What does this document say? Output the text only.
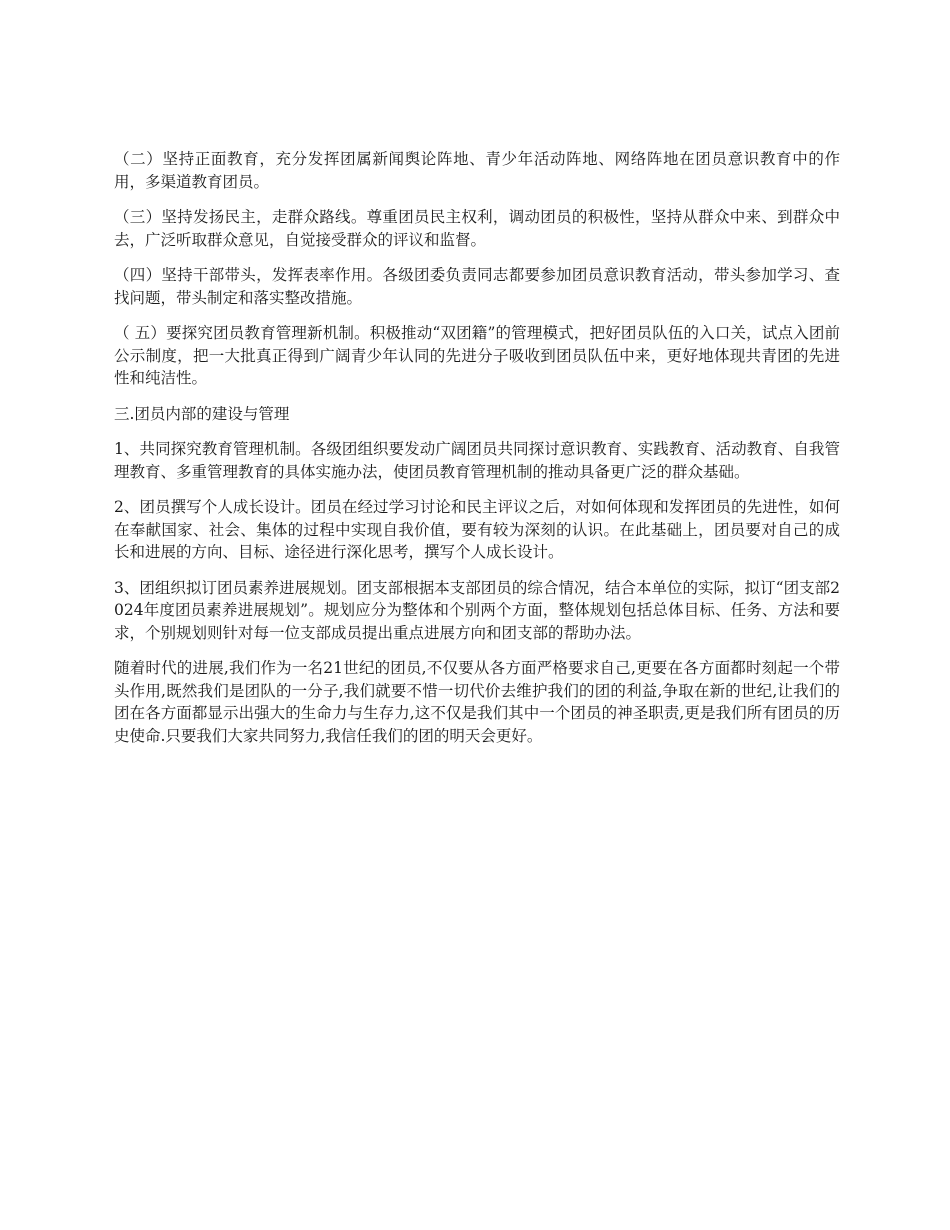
（二）坚持正面教育，充分发挥团属新闻舆论阵地、青少年活动阵地、网络阵地在团员意识教育中的作用，多渠道教育团员。

（三）坚持发扬民主，走群众路线。尊重团员民主权利，调动团员的积极性，坚持从群众中来、到群众中去，广泛听取群众意见，自觉接受群众的评议和监督。

（四）坚持干部带头，发挥表率作用。各级团委负责同志都要参加团员意识教育活动，带头参加学习、查找问题，带头制定和落实整改措施。

（ 五）要探究团员教育管理新机制。积极推动“双团籍”的管理模式，把好团员队伍的入口关，试点入团前公示制度，把一大批真正得到广阔青少年认同的先进分子吸收到团员队伍中来，更好地体现共青团的先进性和纯洁性。

三.团员内部的建设与管理

1、共同探究教育管理机制。各级团组织要发动广阔团员共同探讨意识教育、实践教育、活动教育、自我管理教育、多重管理教育的具体实施办法，使团员教育管理机制的推动具备更广泛的群众基础。

2、团员撰写个人成长设计。团员在经过学习讨论和民主评议之后，对如何体现和发挥团员的先进性，如何在奉献国家、社会、集体的过程中实现自我价值，要有较为深刻的认识。在此基础上，团员要对自己的成长和进展的方向、目标、途径进行深化思考，撰写个人成长设计。

3、团组织拟订团员素养进展规划。团支部根据本支部团员的综合情况，结合本单位的实际，拟订“团支部2024年度团员素养进展规划”。规划应分为整体和个别两个方面，整体规划包括总体目标、任务、方法和要求，个别规划则针对每一位支部成员提出重点进展方向和团支部的帮助办法。

随着时代的进展,我们作为一名21世纪的团员,不仅要从各方面严格要求自己,更要在各方面都时刻起一个带头作用,既然我们是团队的一分子,我们就要不惜一切代价去维护我们的团的利益,争取在新的世纪,让我们的团在各方面都显示出强大的生命力与生存力,这不仅是我们其中一个团员的神圣职责,更是我们所有团员的历史使命.只要我们大家共同努力,我信任我们的团的明天会更好。
